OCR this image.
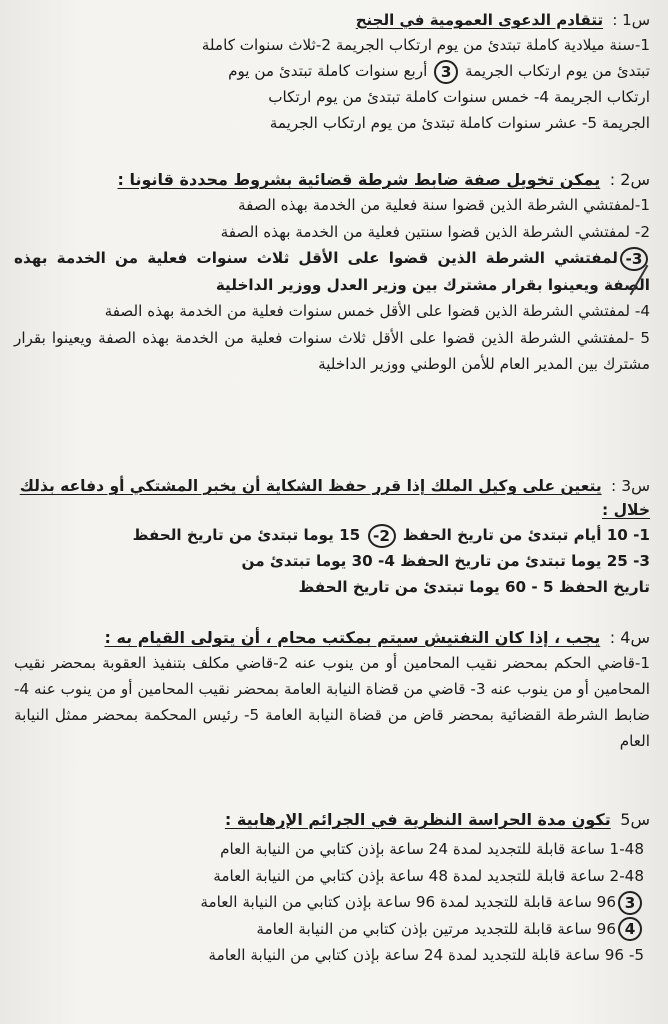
س1 : تتقادم الدعوى العمومية في الجنح
1-سنة ميلادية كاملة تبتدئ من يوم ارتكاب الجريمة 2-ثلاث سنوات كاملة
تبتدئ من يوم ارتكاب الجريمة 3 أربع سنوات كاملة تبتدئ من يوم
ارتكاب الجريمة 4- خمس سنوات كاملة تبتدئ من يوم ارتكاب
الجريمة 5- عشر سنوات كاملة تبتدئ من يوم ارتكاب الجريمة
س2 : يمكن تخويل صفة ضابط شرطة قضائية بشروط محددة قانونا :
1-لمفتشي الشرطة الذين قضوا سنة فعلية من الخدمة بهذه الصفة
2- لمفتشي الشرطة الذين قضوا سنتين فعلية من الخدمة بهذه الصفة
3-لمفتشي الشرطة الذين قضوا على الأقل ثلاث سنوات فعلية من الخدمة بهذه الصفة ويعينوا بقرار مشترك بين وزير العدل ووزير الداخلية
4- لمفتشي الشرطة الذين قضوا على الأقل خمس سنوات فعلية من الخدمة بهذه الصفة
5 -لمفتشي الشرطة الذين قضوا على الأقل ثلاث سنوات فعلية من الخدمة بهذه الصفة ويعينوا بقرار مشترك بين المدير العام للأمن الوطني ووزير الداخلية
س3 : يتعين على وكيل الملك إذا قرر حفظ الشكاية أن يخبر المشتكي أو دفاعه بذلك خلال :
1- 10 أيام تبتدئ من تاريخ الحفظ 2- 15 يوما تبتدئ من تاريخ الحفظ
3- 25 يوما تبتدئ من تاريخ الحفظ 4- 30 يوما تبتدئ من
تاريخ الحفظ 5 - 60 يوما تبتدئ من تاريخ الحفظ
س4 : يجب ، إذا كان التفتيش سيتم بمكتب محام ، أن يتولى القيام به :
1-قاضي الحكم بمحضر نقيب المحامين أو من ينوب عنه 2-قاضي مكلف بتنفيذ العقوبة بمحضر نقيب المحامين أو من ينوب عنه 3- قاضي من قضاة النيابة العامة بمحضر نقيب المحامين أو من ينوب عنه 4- ضابط الشرطة القضائية بمحضر قاض من قضاة النيابة العامة 5- رئيس المحكمة بمحضر ممثل النيابة العام
س5 تكون مدة الحراسة النظرية في الجرائم الإرهابية :
1-48 ساعة قابلة للتجديد لمدة 24 ساعة بإذن كتابي من النيابة العام
2-48 ساعة قابلة للتجديد لمدة 48 ساعة بإذن كتابي من النيابة العامة
396 ساعة قابلة للتجديد لمدة 96 ساعة بإذن كتابي من النيابة العامة
496 ساعة قابلة للتجديد مرتين بإذن كتابي من النيابة العامة
5- 96 ساعة قابلة للتجديد لمدة 24 ساعة بإذن كتابي من النيابة العامة
